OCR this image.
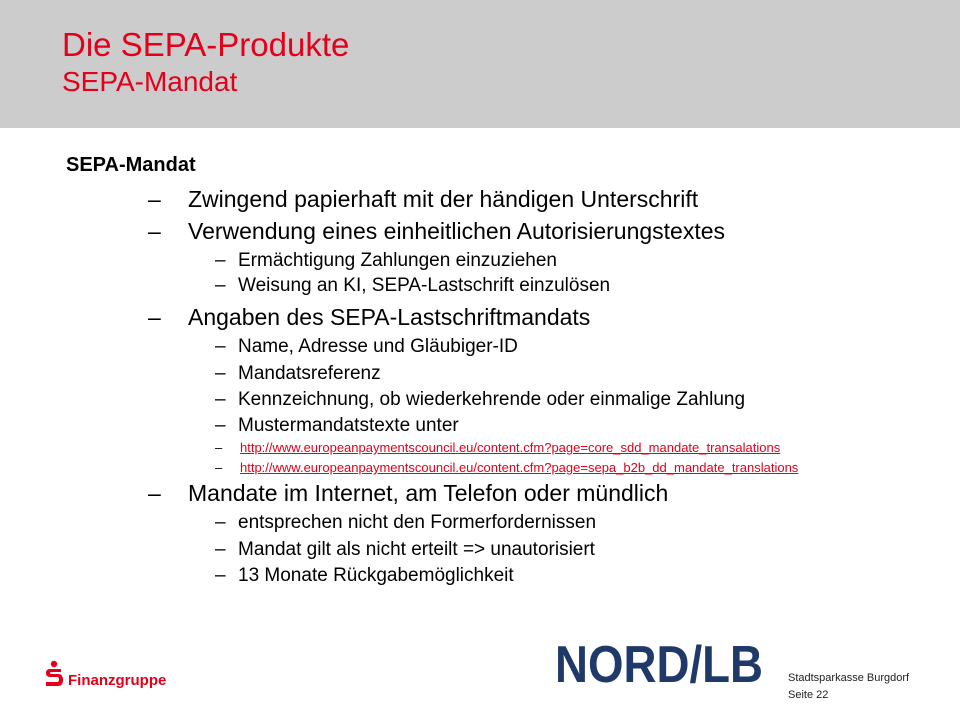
Die SEPA-Produkte
SEPA-Mandat
SEPA-Mandat
– Zwingend papierhaft mit der händigen Unterschrift
– Verwendung eines einheitlichen Autorisierungstextes
– Ermächtigung Zahlungen einzuziehen
– Weisung an KI, SEPA-Lastschrift einzulösen
– Angaben des SEPA-Lastschriftmandats
– Name, Adresse und Gläubiger-ID
– Mandatsreferenz
– Kennzeichnung, ob wiederkehrende oder einmalige Zahlung
– Mustermandatstexte unter
– http://www.europeanpaymentscouncil.eu/content.cfm?page=core_sdd_mandate_transalations
– http://www.europeanpaymentscouncil.eu/content.cfm?page=sepa_b2b_dd_mandate_translations
– Mandate im Internet, am Telefon oder mündlich
– entsprechen nicht den Formerfordernissen
– Mandat gilt als nicht erteilt => unautorisiert
– 13 Monate Rückgabemöglichkeit
Finanzgruppe	NORD/LB Stadtsparkasse Burgdorf
Seite 22
